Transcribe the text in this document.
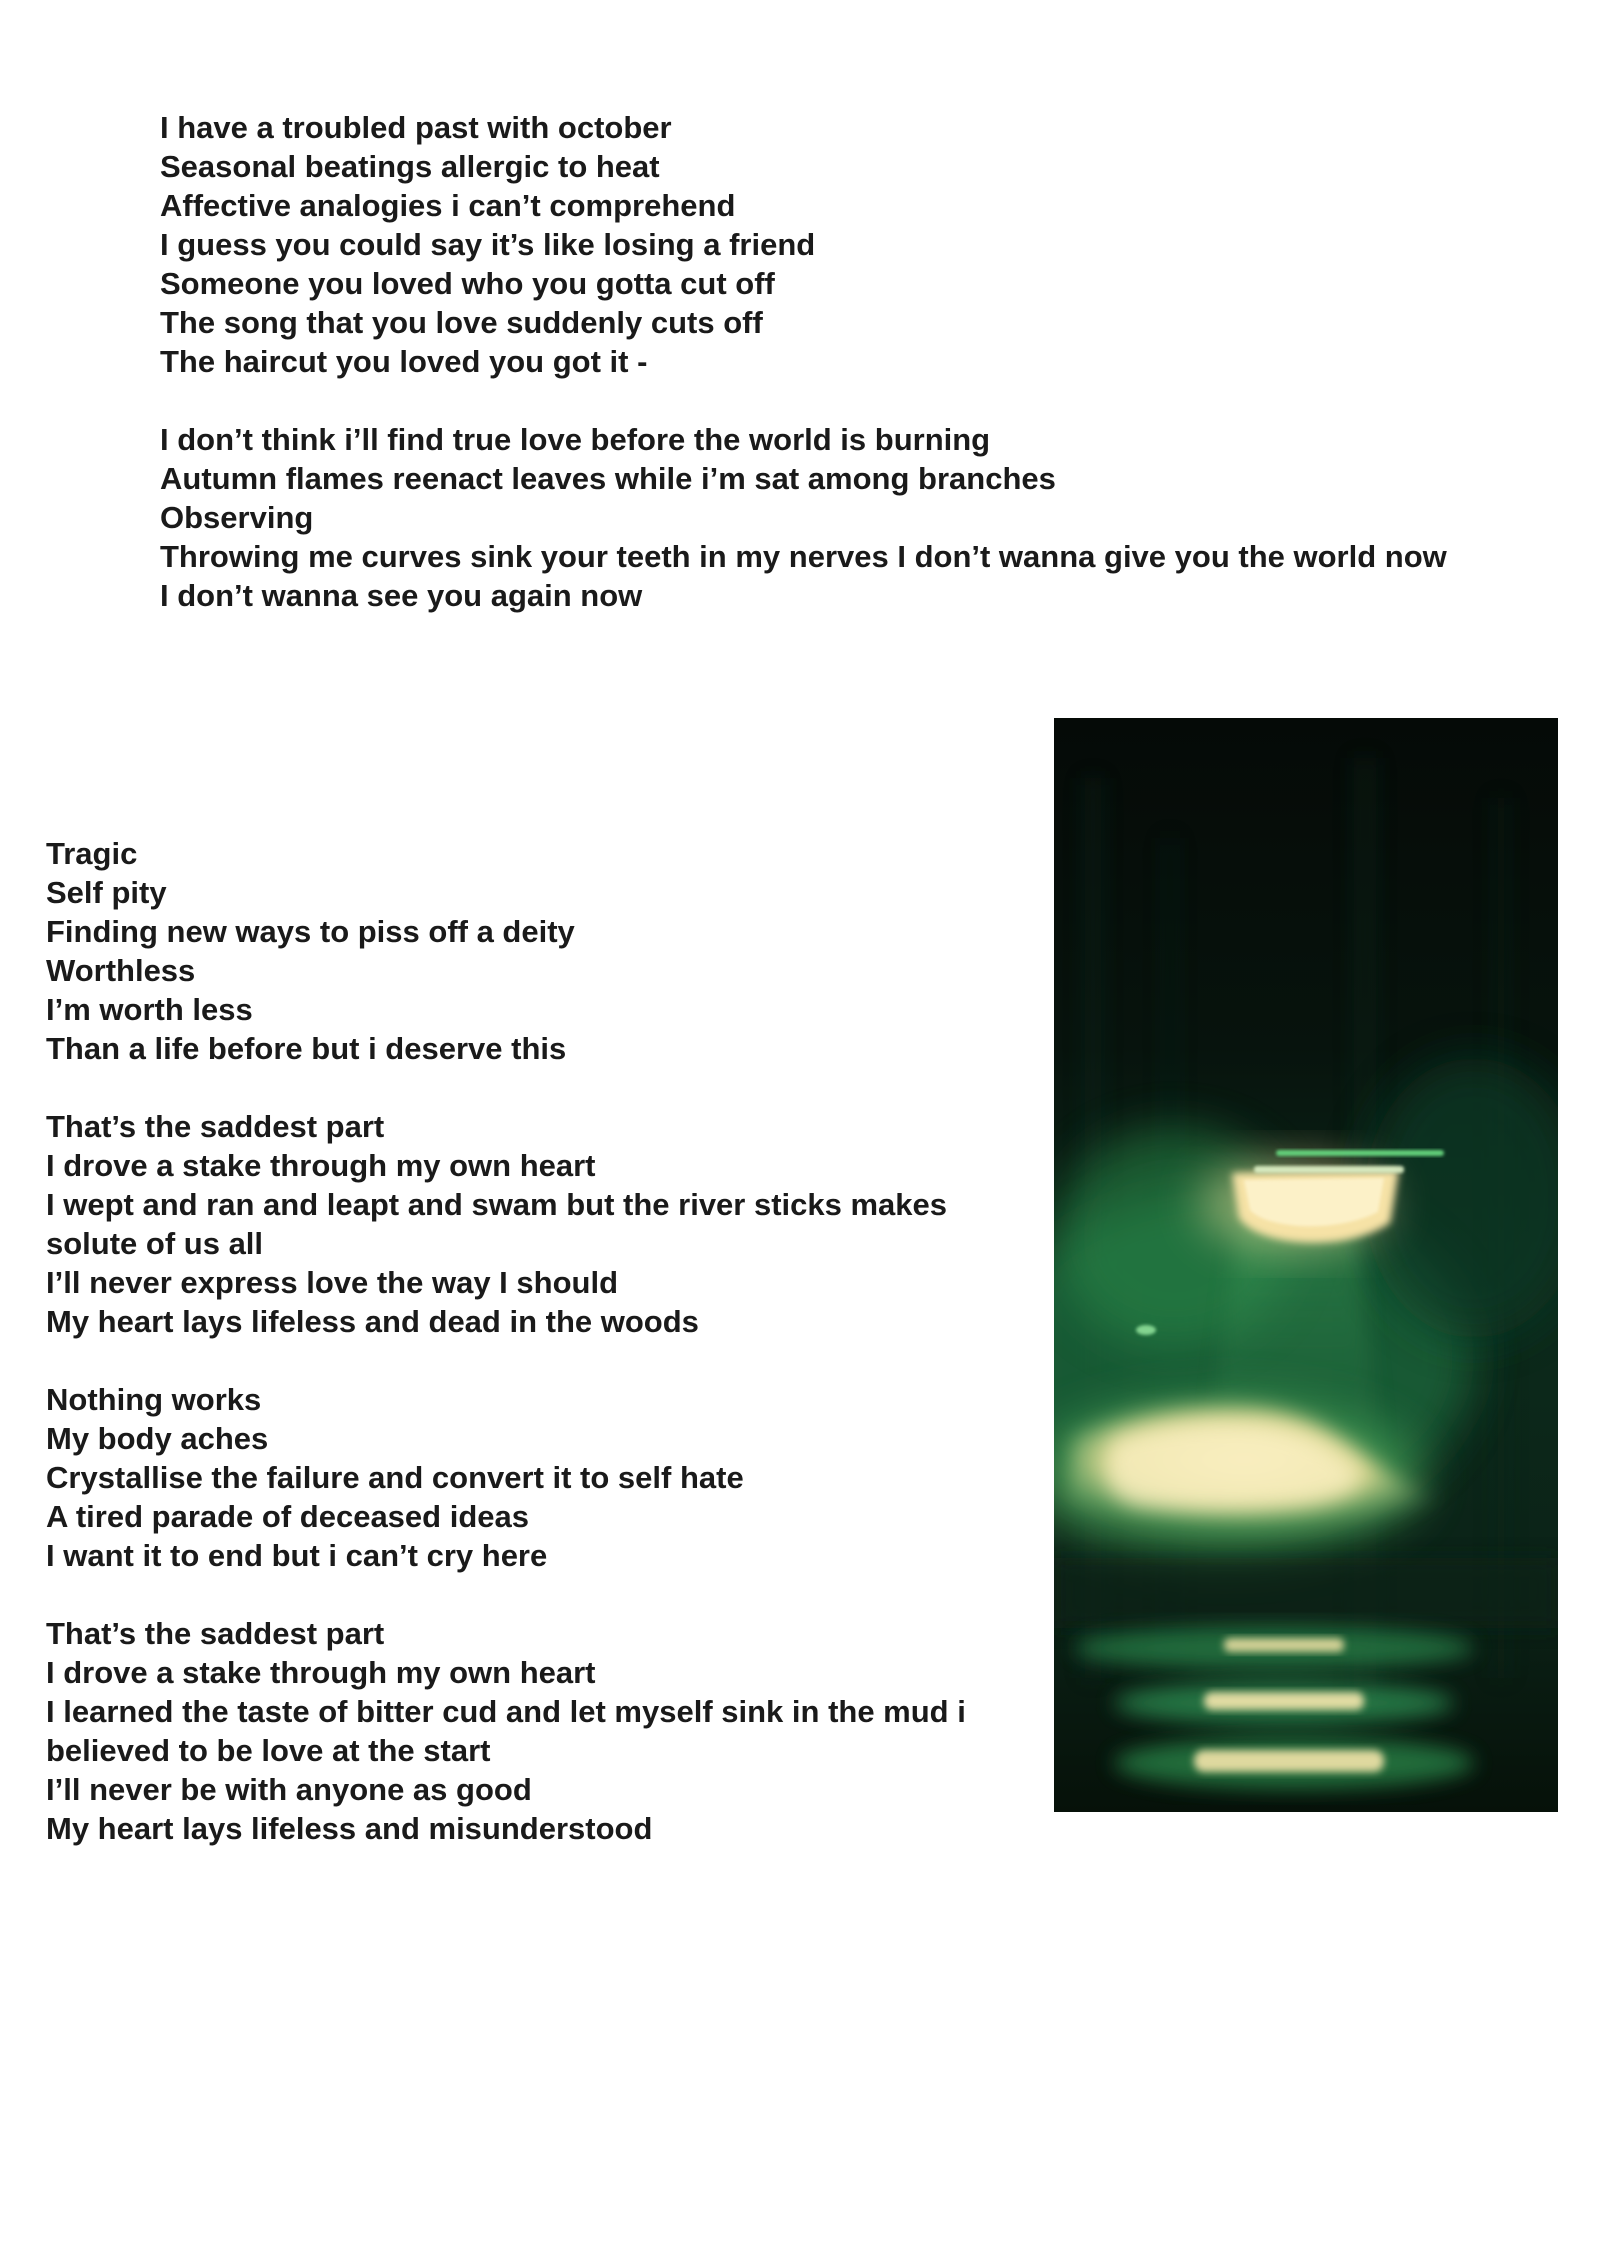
I have a troubled past with october
Seasonal beatings allergic to heat
Affective analogies i can’t comprehend
I guess you could say it’s like losing a friend
Someone you loved who you gotta cut off
The song that you love suddenly cuts off
The haircut you loved you got it -
I don’t think i’ll find true love before the world is burning
Autumn flames reenact leaves while i’m sat among branches
Observing
Throwing me curves sink your teeth in my nerves I don’t wanna give you the world now
I don’t wanna see you again now
Tragic
Self pity
Finding new ways to piss off a deity
Worthless
I’m worth less
Than a life before but i deserve this
That’s the saddest part
I drove a stake through my own heart
I wept and ran and leapt and swam but the river sticks makes solute of us all
I’ll never express love the way I should
My heart lays lifeless and dead in the woods
Nothing works
My body aches
Crystallise the failure and convert it to self hate
A tired parade of deceased ideas
I want it to end but i can’t cry here
That’s the saddest part
I drove a stake through my own heart
I learned the taste of bitter cud and let myself sink in the mud i believed to be love at the start
I’ll never be with anyone as good
My heart lays lifeless and misunderstood
